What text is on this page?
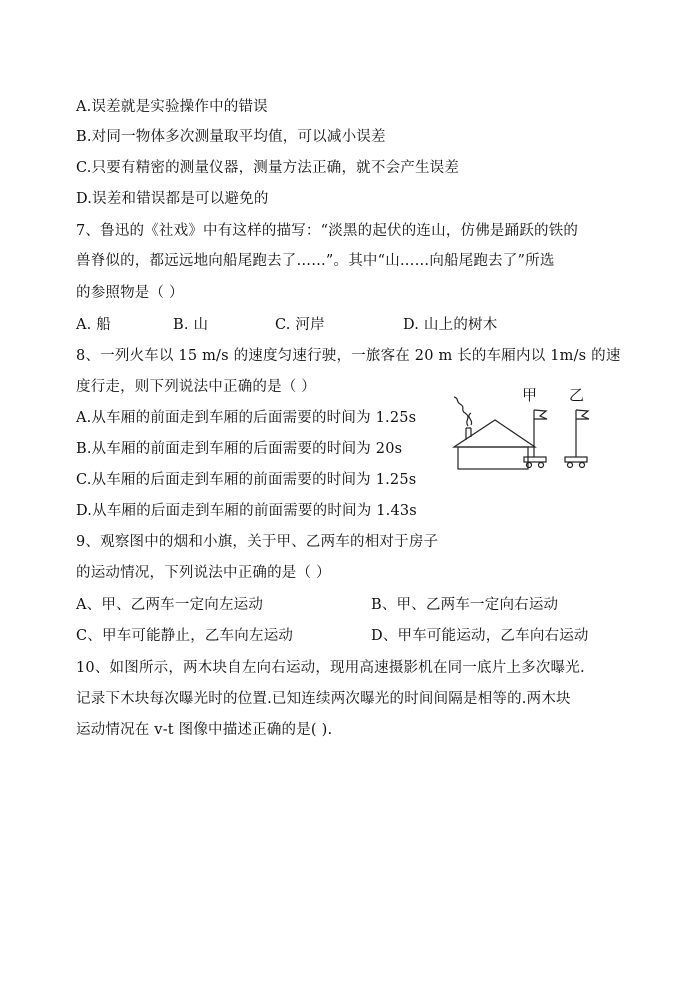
A.误差就是实验操作中的错误
B.对同一物体多次测量取平均值，可以减小误差
C.只要有精密的测量仪器，测量方法正确，就不会产生误差
D.误差和错误都是可以避免的
7、鲁迅的《社戏》中有这样的描写：“淡黑的起伏的连山，仿佛是踊跃的铁的
兽脊似的，都远远地向船尾跑去了……”。其中“山……向船尾跑去了”所选
的参照物是（ ）
A. 船	B. 山	C. 河岸	D. 山上的树木
8、一列火车以 15 m/s 的速度匀速行驶，一旅客在 20 m 长的车厢内以 1m/s 的速
度行走，则下列说法中正确的是（ ）
A.从车厢的前面走到车厢的后面需要的时间为 1.25s
B.从车厢的前面走到车厢的后面需要的时间为 20s
C.从车厢的后面走到车厢的前面需要的时间为 1.25s
D.从车厢的后面走到车厢的前面需要的时间为 1.43s
9、观察图中的烟和小旗，关于甲、乙两车的相对于房子
的运动情况，下列说法中正确的是（ ）
A、甲、乙两车一定向左运动	B、甲、乙两车一定向右运动
C、甲车可能静止，乙车向左运动	D、甲车可能运动，乙车向右运动
10、如图所示，两木块自左向右运动，现用高速摄影机在同一底片上多次曝光.
记录下木块每次曝光时的位置.已知连续两次曝光的时间间隔是相等的.两木块
运动情况在 v-t 图像中描述正确的是( ).
甲 乙
